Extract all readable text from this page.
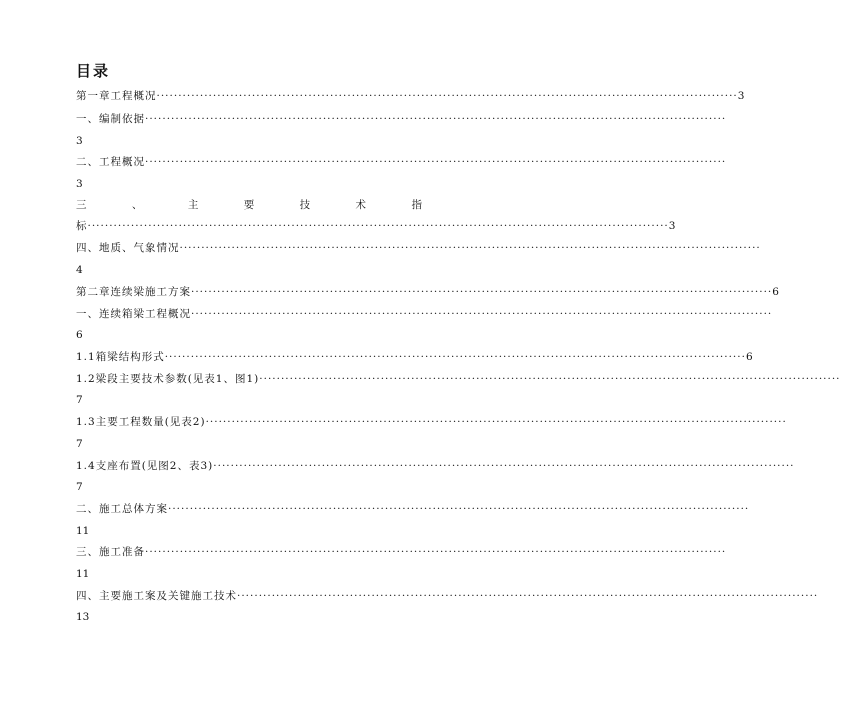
目录
第一章工程概况 ······································································································································ 3
一、编制依据 ······································································································································
3
二、工程概况 ······································································································································
3
三	、	主	要	技	术	指
标 ······································································································································ 3
四、地质、气象情况 ······································································································································
4
第二章连续梁施工方案 ······································································································································ 6
一、连续箱梁工程概况 ······································································································································
6
1.1箱梁结构形式 ······································································································································ 6
1.2梁段主要技术参数(见表1、图1) ······································································································································
7
1.3主要工程数量(见表2) ······································································································································
7
1.4支座布置(见图2、表3) ······································································································································
7
二、施工总体方案 ······································································································································
11
三、施工准备 ······································································································································
11
四、主要施工案及关键施工技术 ······································································································································
13
